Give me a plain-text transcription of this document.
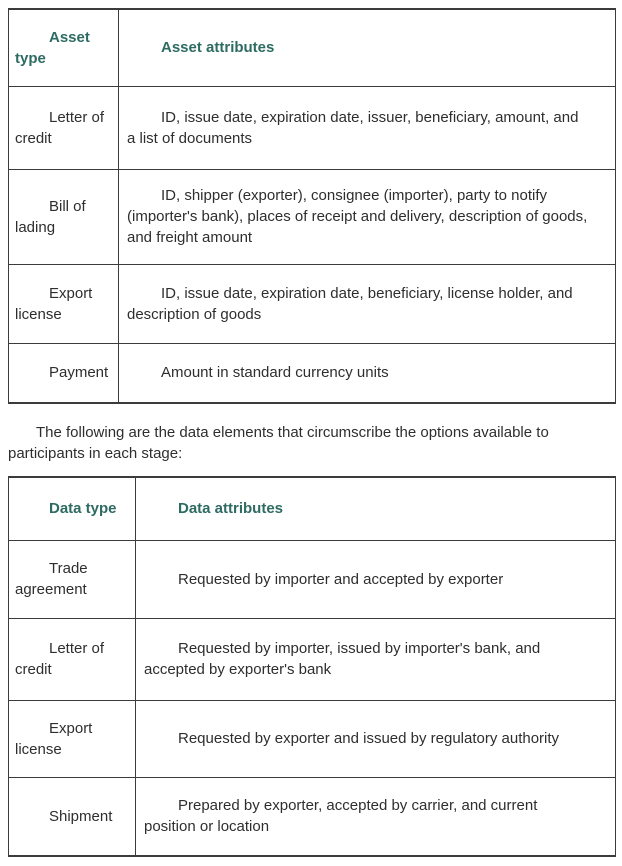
Asset type	Asset attributes

Letter of credit	ID, issue date, expiration date, issuer, beneficiary, amount, and a list of documents

Bill of lading	ID, shipper (exporter), consignee (importer), party to notify (importer's bank), places of receipt and delivery, description of goods, and freight amount

Export license	ID, issue date, expiration date, beneficiary, license holder, and description of goods

Payment	Amount in standard currency units

The following are the data elements that circumscribe the options available to participants in each stage:

Data type	Data attributes

Trade agreement	Requested by importer and accepted by exporter

Letter of credit	Requested by importer, issued by importer's bank, and accepted by exporter's bank

Export license	Requested by exporter and issued by regulatory authority

Shipment	Prepared by exporter, accepted by carrier, and current position or location
